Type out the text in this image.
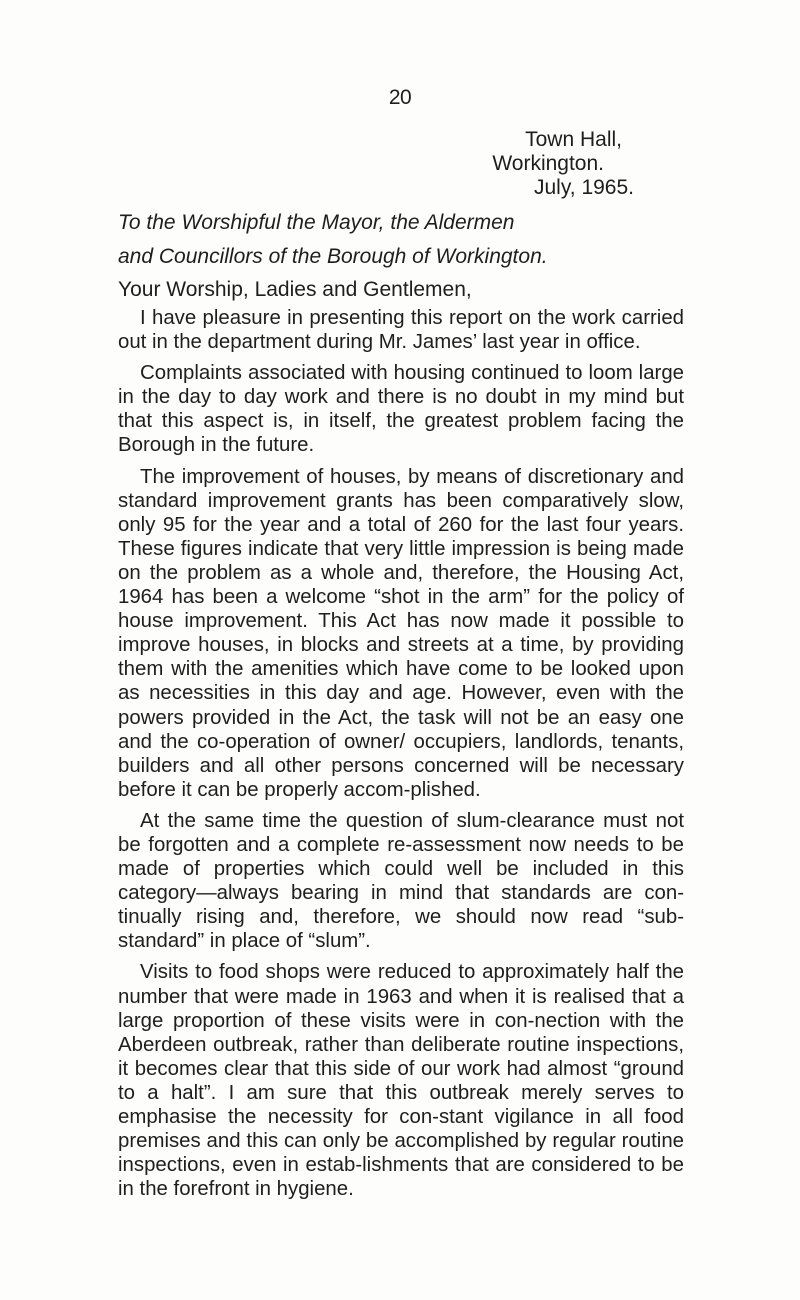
20
Town Hall,
Workington.
July, 1965.
To the Worshipful the Mayor, the Aldermen
and Councillors of the Borough of Workington.
Your Worship, Ladies and Gentlemen,

I have pleasure in presenting this report on the work carried out in the department during Mr. James’ last year in office.

Complaints associated with housing continued to loom large in the day to day work and there is no doubt in my mind but that this aspect is, in itself, the greatest problem facing the Borough in the future.

The improvement of houses, by means of discretionary and standard improvement grants has been comparatively slow, only 95 for the year and a total of 260 for the last four years. These figures indicate that very little impression is being made on the problem as a whole and, therefore, the Housing Act, 1964 has been a welcome “shot in the arm” for the policy of house improvement. This Act has now made it possible to improve houses, in blocks and streets at a time, by providing them with the amenities which have come to be looked upon as necessities in this day and age. However, even with the powers provided in the Act, the task will not be an easy one and the co-operation of owner/ occupiers, landlords, tenants, builders and all other persons concerned will be necessary before it can be properly accom-plished.

At the same time the question of slum-clearance must not be forgotten and a complete re-assessment now needs to be made of properties which could well be included in this category—always bearing in mind that standards are con-tinually rising and, therefore, we should now read “sub-standard” in place of “slum”.

Visits to food shops were reduced to approximately half the number that were made in 1963 and when it is realised that a large proportion of these visits were in con-nection with the Aberdeen outbreak, rather than deliberate routine inspections, it becomes clear that this side of our work had almost “ground to a halt”. I am sure that this outbreak merely serves to emphasise the necessity for con-stant vigilance in all food premises and this can only be accomplished by regular routine inspections, even in estab-lishments that are considered to be in the forefront in hygiene.
